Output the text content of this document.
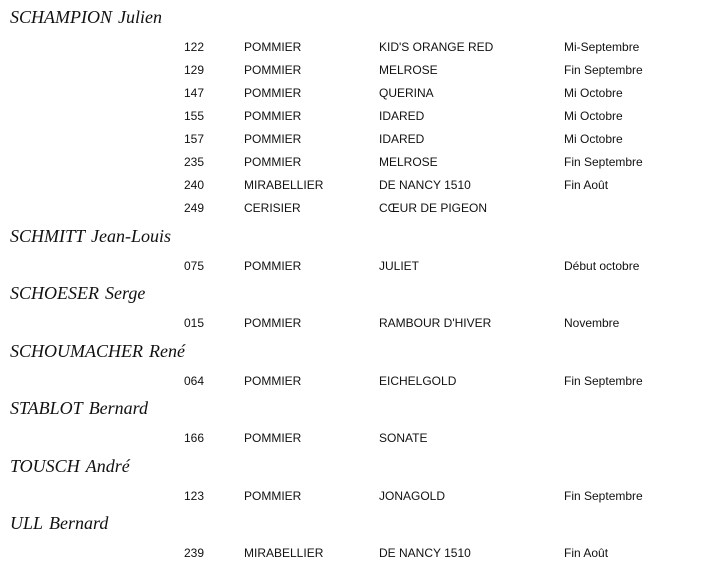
SCHAMPION Julien
122	POMMIER	KID'S ORANGE RED	Mi-Septembre
129	POMMIER	MELROSE	Fin Septembre
147	POMMIER	QUERINA	Mi Octobre
155	POMMIER	IDARED	Mi Octobre
157	POMMIER	IDARED	Mi Octobre
235	POMMIER	MELROSE	Fin Septembre
240	MIRABELLIER	DE NANCY 1510	Fin Août
249	CERISIER	CŒUR DE PIGEON
SCHMITT Jean-Louis
075	POMMIER	JULIET	Début octobre
SCHOESER Serge
015	POMMIER	RAMBOUR D'HIVER	Novembre
SCHOUMACHER René
064	POMMIER	EICHELGOLD	Fin Septembre
STABLOT Bernard
166	POMMIER	SONATE
TOUSCH André
123	POMMIER	JONAGOLD	Fin Septembre
ULL Bernard
239	MIRABELLIER	DE NANCY 1510	Fin Août
